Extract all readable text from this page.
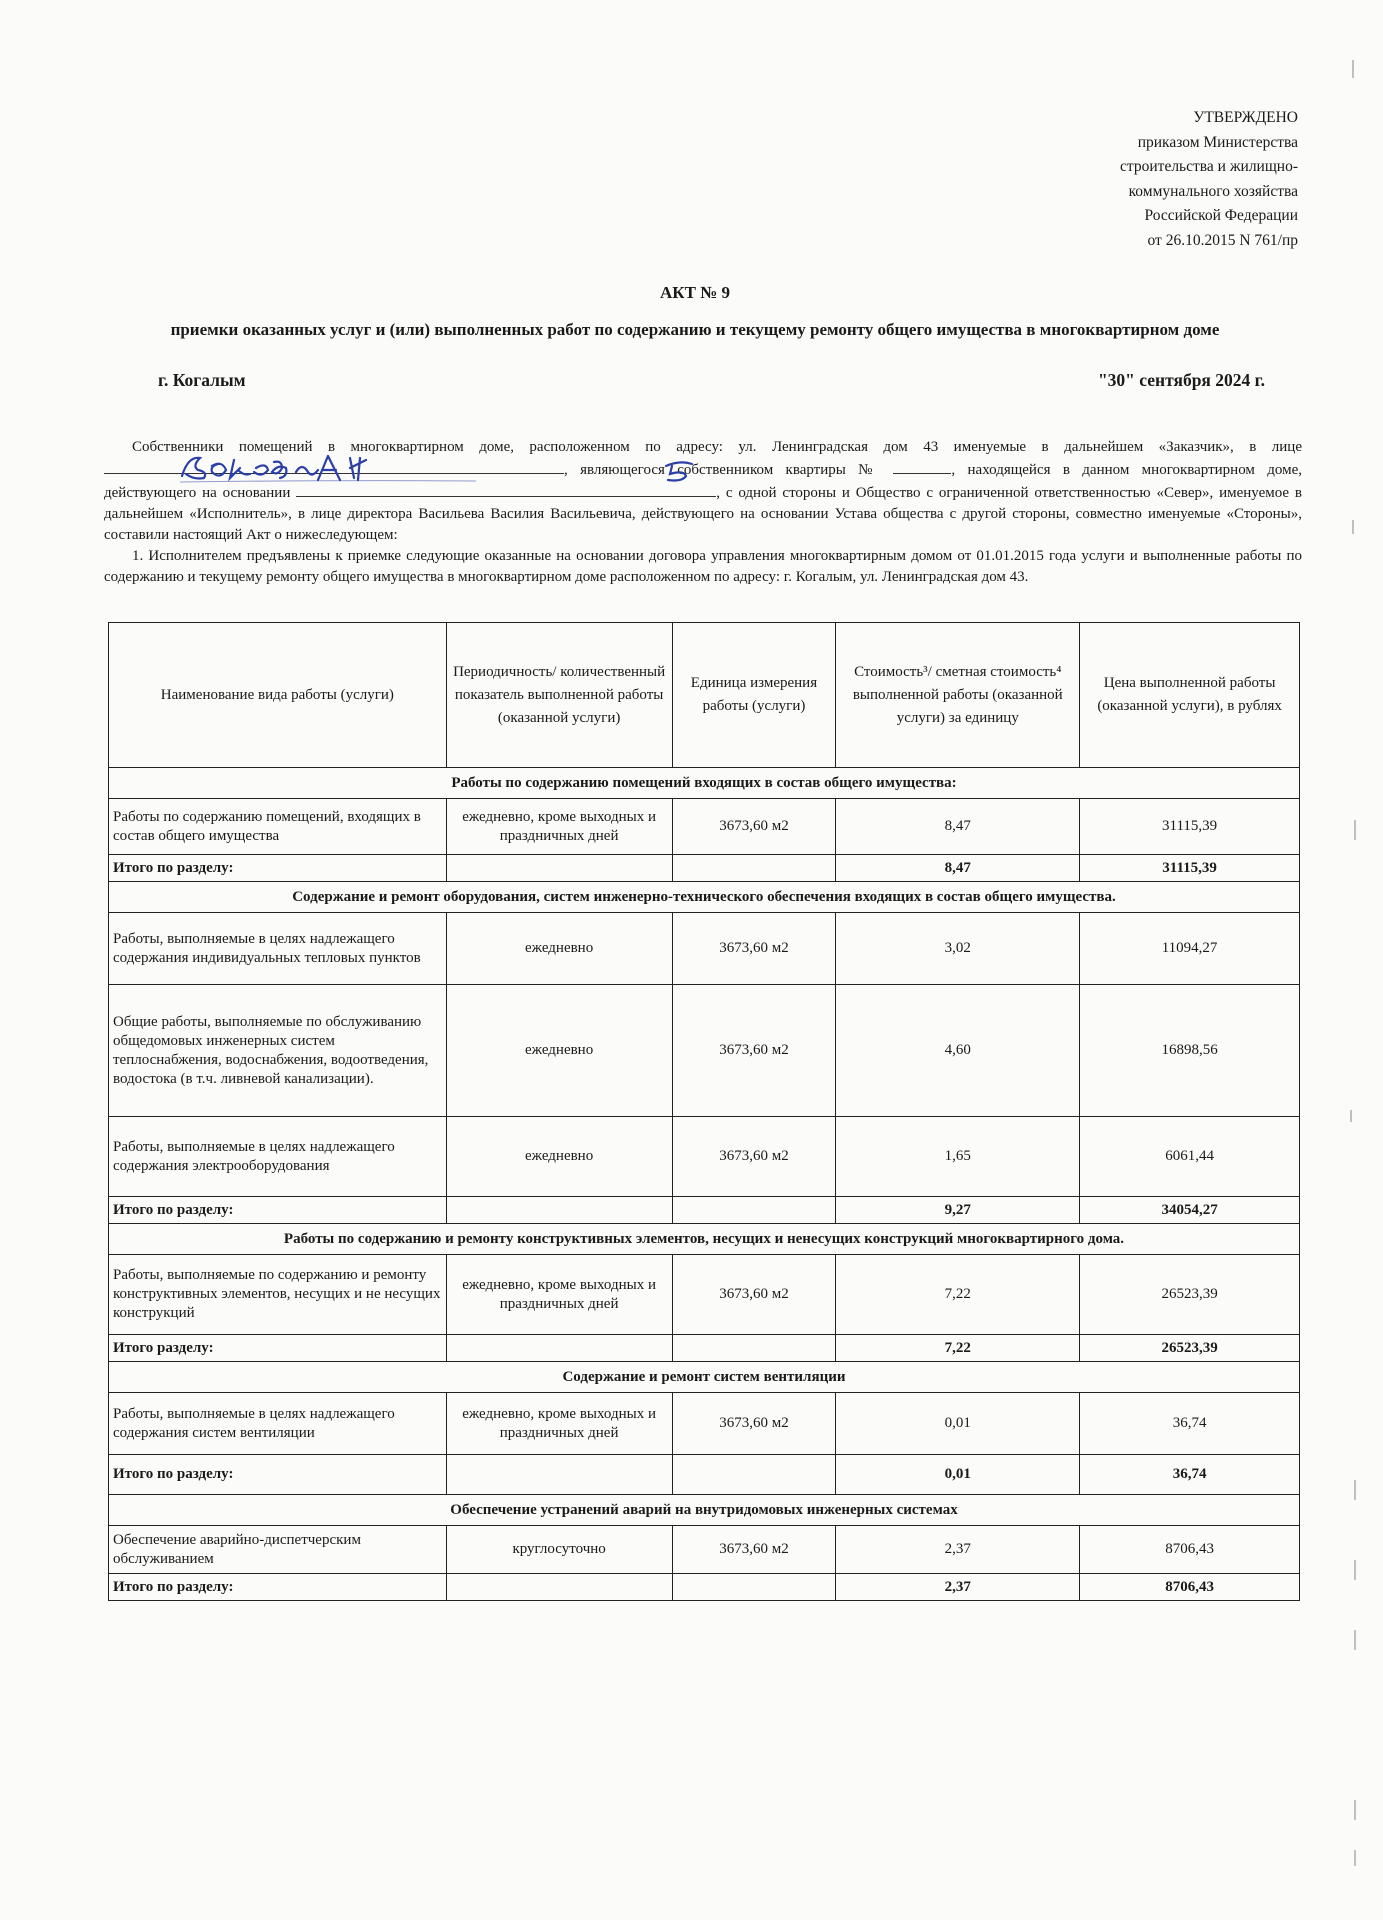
УТВЕРЖДЕНО
приказом Министерства
строительства и жилищно-
коммунального хозяйства
Российской Федерации
от 26.10.2015 N 761/пр
АКТ № 9
приемки оказанных услуг и (или) выполненных работ по содержанию и текущему ремонту общего имущества в многоквартирном доме
г. Когалым	"30" сентября 2024 г.

Собственники помещений в многоквартирном доме, расположенном по адресу: ул. Ленинградская дом 43 именуемые в дальнейшем «Заказчик», в лице , являющегося собственником квартиры №	, находящейся в данном многоквартирном доме, действующего на основании	, с одной стороны и Общество с ограниченной ответственностью «Север», именуемое в дальнейшем «Исполнитель», в лице директора Васильева Василия Васильевича, действующего на основании Устава общества с другой стороны, совместно именуемые «Стороны», составили настоящий Акт о нижеследующем:

1. Исполнителем предъявлены к приемке следующие оказанные на основании договора управления многоквартирным домом от 01.01.2015 года услуги и выполненные работы по содержанию и текущему ремонту общего имущества в многоквартирном доме расположенном по адресу: г. Когалым, ул. Ленинградская дом 43.

Наименование вида работы (услуги)	Периодичность/ количественный показатель выполненной работы (оказанной услуги)	Единица измерения работы (услуги)	Стоимость³/ сметная стоимость⁴ выполненной работы (оказанной услуги) за единицу	Цена выполненной работы (оказанной услуги), в рублях
Работы по содержанию помещений входящих в состав общего имущества:				
Работы по содержанию помещений, входящих в состав общего имущества	ежедневно, кроме выходных и праздничных дней	3673,60 м2	8,47	31115,39
Итого по разделу:			8,47	31115,39
Содержание и ремонт оборудования, систем инженерно-технического обеспечения входящих в состав общего имущества.				
Работы, выполняемые в целях надлежащего содержания индивидуальных тепловых пунктов	ежедневно	3673,60 м2	3,02	11094,27
Общие работы, выполняемые по обслуживанию общедомовых инженерных систем теплоснабжения, водоснабжения, водоотведения, водостока (в т.ч. ливневой канализации).	ежедневно	3673,60 м2	4,60	16898,56
Работы, выполняемые в целях надлежащего содержания электрооборудования	ежедневно	3673,60 м2	1,65	6061,44
Итого по разделу:			9,27	34054,27
Работы по содержанию и ремонту конструктивных элементов, несущих и ненесущих конструкций многоквартирного дома.				
Работы, выполняемые по содержанию и ремонту конструктивных элементов, несущих и не несущих конструкций	ежедневно, кроме выходных и праздничных дней	3673,60 м2	7,22	26523,39
Итого разделу:			7,22	26523,39
Содержание и ремонт систем вентиляции				
Работы, выполняемые в целях надлежащего содержания систем вентиляции	ежедневно, кроме выходных и праздничных дней	3673,60 м2	0,01	36,74
Итого по разделу:			0,01	36,74
Обеспечение устранений аварий на внутридомовых инженерных системах				
Обеспечение аварийно-диспетчерским обслуживанием	круглосуточно	3673,60 м2	2,37	8706,43
Итого по разделу:			2,37	8706,43
